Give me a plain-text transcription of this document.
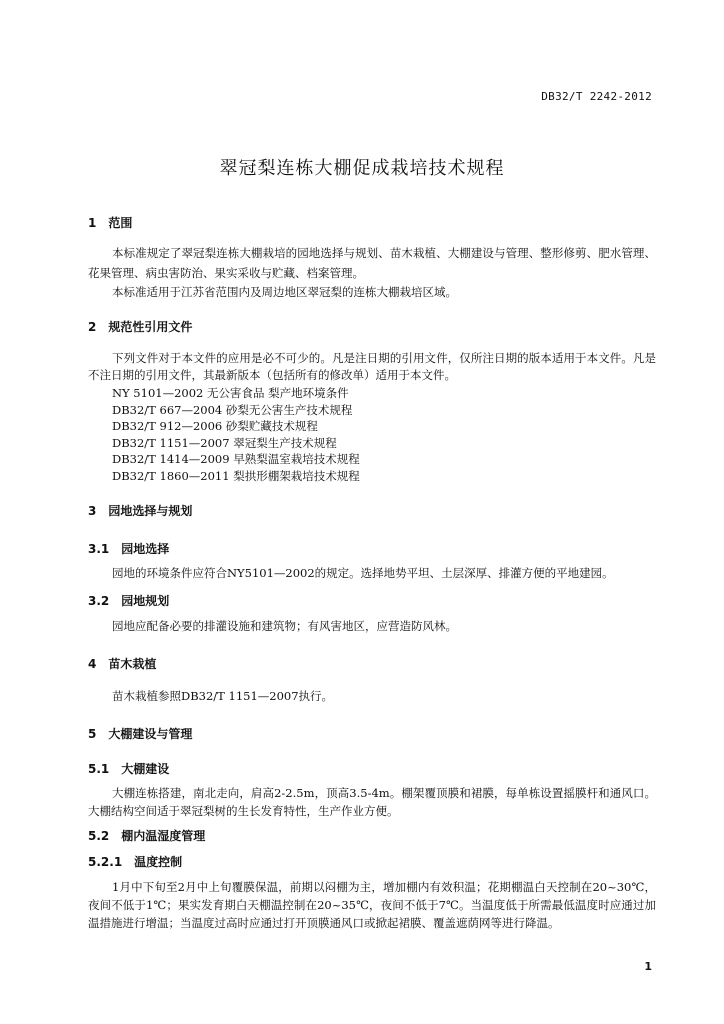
DB32/T 2242-2012
翠冠梨连栋大棚促成栽培技术规程
1 范围
本标准规定了翠冠梨连栋大棚栽培的园地选择与规划、苗木栽植、大棚建设与管理、整形修剪、肥水管理、花果管理、病虫害防治、果实采收与贮藏、档案管理。
本标准适用于江苏省范围内及周边地区翠冠梨的连栋大棚栽培区域。
2 规范性引用文件
下列文件对于本文件的应用是必不可少的。凡是注日期的引用文件，仅所注日期的版本适用于本文件。凡是不注日期的引用文件，其最新版本（包括所有的修改单）适用于本文件。
NY 5101—2002 无公害食品 梨产地环境条件
DB32/T 667—2004 砂梨无公害生产技术规程
DB32/T 912—2006 砂梨贮藏技术规程
DB32/T 1151—2007 翠冠梨生产技术规程
DB32/T 1414—2009 早熟梨温室栽培技术规程
DB32/T 1860—2011 梨拱形棚架栽培技术规程
3 园地选择与规划
3.1 园地选择
园地的环境条件应符合NY5101—2002的规定。选择地势平坦、土层深厚、排灌方便的平地建园。
3.2 园地规划
园地应配备必要的排灌设施和建筑物；有风害地区，应营造防风林。
4 苗木栽植
苗木栽植参照DB32/T 1151—2007执行。
5 大棚建设与管理
5.1 大棚建设
大棚连栋搭建，南北走向，肩高2-2.5m，顶高3.5-4m。棚架覆顶膜和裙膜，每单栋设置摇膜杆和通风口。大棚结构空间适于翠冠梨树的生长发育特性，生产作业方便。
5.2 棚内温湿度管理
5.2.1 温度控制
1月中下旬至2月中上旬覆膜保温，前期以闷棚为主，增加棚内有效积温；花期棚温白天控制在20~30℃，夜间不低于1℃；果实发育期白天棚温控制在20~35℃，夜间不低于7℃。当温度低于所需最低温度时应通过加温措施进行增温；当温度过高时应通过打开顶膜通风口或掀起裙膜、覆盖遮荫网等进行降温。
1
